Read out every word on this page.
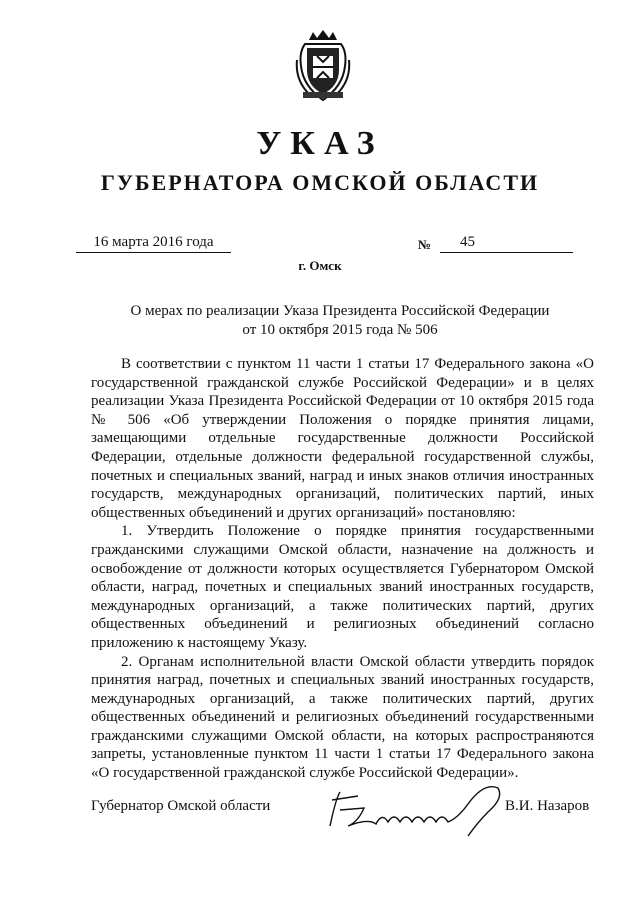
УКАЗ
ГУБЕРНАТОРА ОМСКОЙ ОБЛАСТИ
16 марта 2016 года	№	45
г. Омск
О мерах по реализации Указа Президента Российской Федерации
от 10 октября 2015 года № 506

В соответствии с пунктом 11 части 1 статьи 17 Федерального закона «О государственной гражданской службе Российской Федерации» и в целях реализации Указа Президента Российской Федерации от 10 октября 2015 года № 506 «Об утверждении Положения о порядке принятия лицами, замещающими отдельные государственные должности Российской Федерации, отдельные должности федеральной государственной службы, почетных и специальных званий, наград и иных знаков отличия иностранных государств, международных организаций, политических партий, иных общественных объединений и других организаций» постановляю:

1. Утвердить Положение о порядке принятия государственными гражданскими служащими Омской области, назначение на должность и освобождение от должности которых осуществляется Губернатором Омской области, наград, почетных и специальных званий иностранных государств, международных организаций, а также политических партий, других общественных объединений и религиозных объединений согласно приложению к настоящему Указу.

2. Органам исполнительной власти Омской области утвердить порядок принятия наград, почетных и специальных званий иностранных государств, международных организаций, а также политических партий, других общественных объединений и религиозных объединений государственными гражданскими служащими Омской области, на которых распространяются запреты, установленные пунктом 11 части 1 статьи 17 Федерального закона «О государственной гражданской службе Российской Федерации».

Губернатор Омской области	В.И. Назаров
